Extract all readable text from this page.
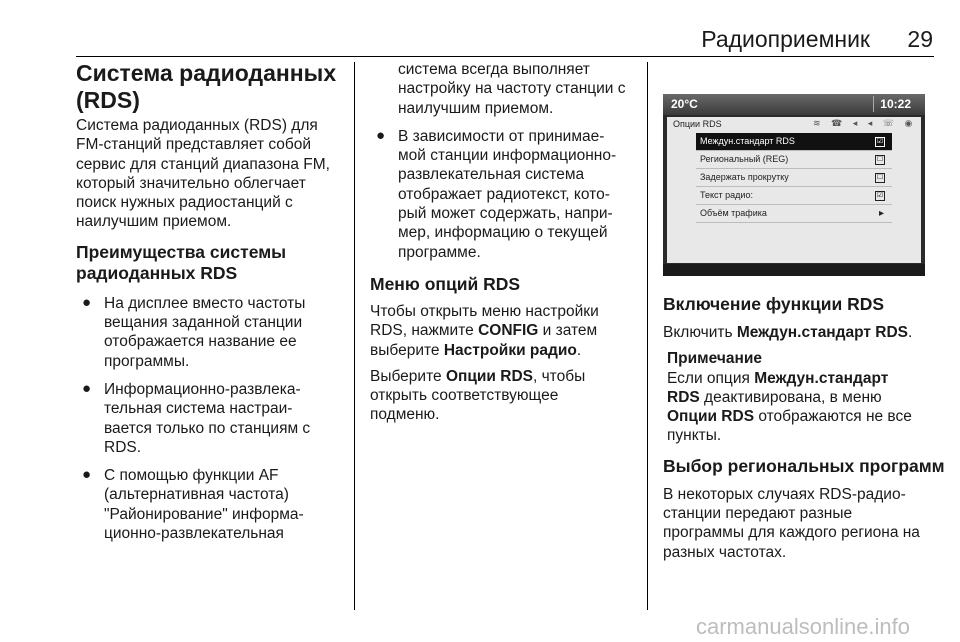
Радиоприемник	29
Система радиоданных
(RDS)

Система радиоданных (RDS) для

FM-станций представляет собой

сервис для станций диапазона FM,

который значительно облегчает

поиск нужных радиостанций с

наилучшим приемом.

Преимущества системы
радиоданных RDS
● На дисплее вместо частоты

вещания заданной станции

отображается название ее

программы.

● Информационно-развлека-

тельная система настраи-

вается только по станциям с

RDS.

● С помощью функции AF

(альтернативная частота)

"Районирование" информа-

ционно-развлекательная

система всегда выполняет

настройку на частоту станции с

наилучшим приемом.

● В зависимости от принимае-

мой станции информационно-

развлекательная система

отображает радиотекст, кото-

рый может содержать, напри-

мер, информацию о текущей

программе.

Меню опций RDS

Чтобы открыть меню настройки

RDS, нажмите CONFIG и затем

выберите Настройки радио.

Выберите Опции RDS, чтобы

открыть соответствующее

подменю.

20°C	10:22
Опции RDS	≋ ☎ ◂ ◂ ☏ ◉
Междун.стандарт RDS	☑
Региональный (REG)	☐
Задержать прокрутку	☐
Текст радио:	☑
Объём трафика	▸
Включение функции RDS

Включить Междун.стандарт RDS.

Примечание

Если опция Междун.стандарт

RDS деактивирована, в меню

Опции RDS отображаются не все

пункты.

Выбор региональных программ

В некоторых случаях RDS-радио-

станции передают разные

программы для каждого региона на

разных частотах.

carmanualsonline.info
